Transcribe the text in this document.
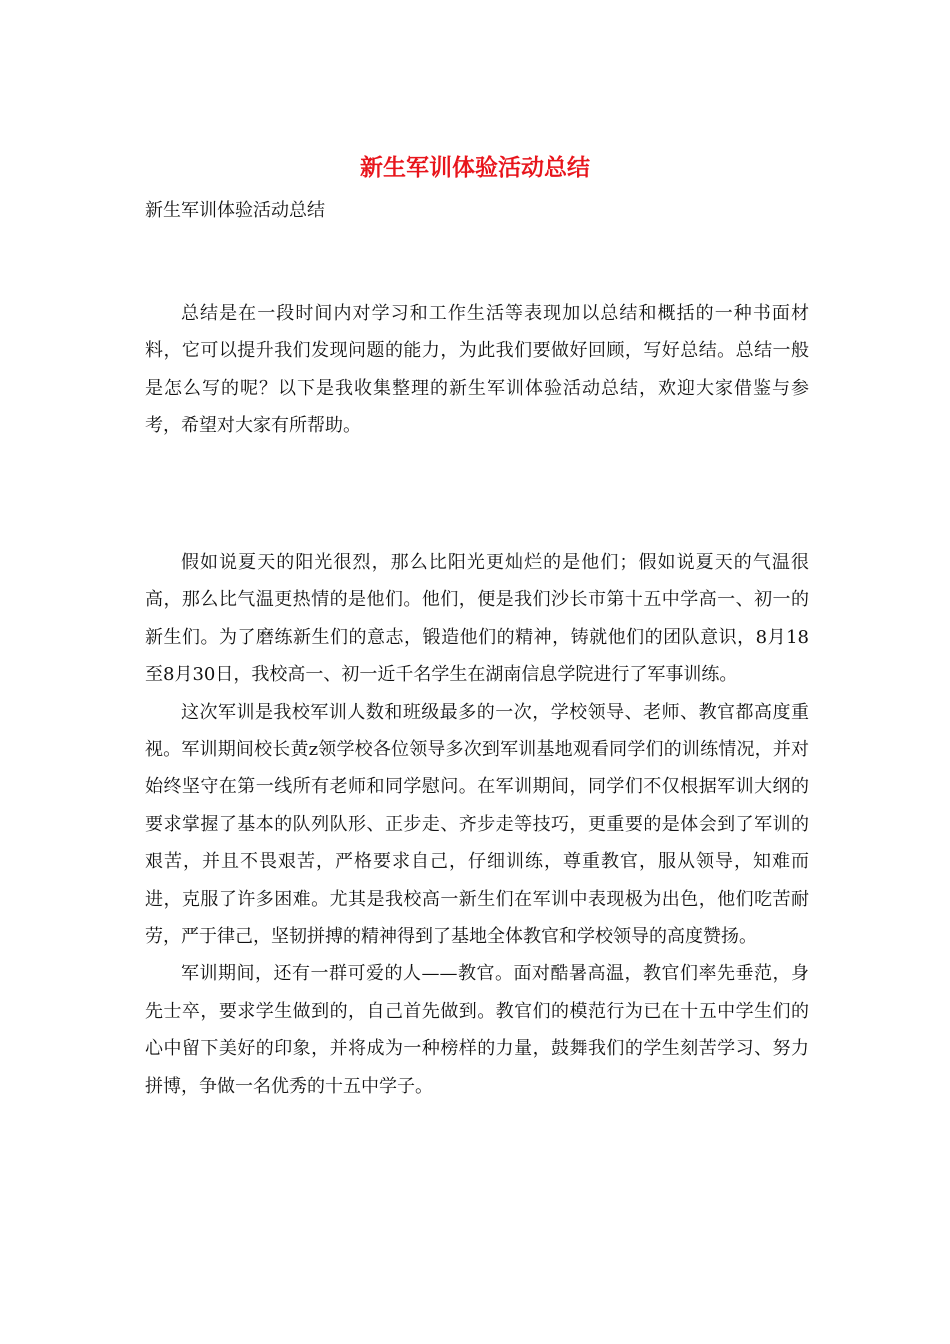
新生军训体验活动总结
新生军训体验活动总结

总结是在一段时间内对学习和工作生活等表现加以总结和概括的一种书面材料，它可以提升我们发现问题的能力，为此我们要做好回顾，写好总结。总结一般是怎么写的呢？以下是我收集整理的新生军训体验活动总结，欢迎大家借鉴与参考，希望对大家有所帮助。

假如说夏天的阳光很烈，那么比阳光更灿烂的是他们；假如说夏天的气温很高，那么比气温更热情的是他们。他们，便是我们沙长市第十五中学高一、初一的新生们。为了磨练新生们的意志，锻造他们的精神，铸就他们的团队意识，8月18至8月30日，我校高一、初一近千名学生在湖南信息学院进行了军事训练。

这次军训是我校军训人数和班级最多的一次，学校领导、老师、教官都高度重视。军训期间校长黄z领学校各位领导多次到军训基地观看同学们的训练情况，并对始终坚守在第一线所有老师和同学慰问。在军训期间，同学们不仅根据军训大纲的要求掌握了基本的队列队形、正步走、齐步走等技巧，更重要的是体会到了军训的艰苦，并且不畏艰苦，严格要求自己，仔细训练，尊重教官，服从领导，知难而进，克服了许多困难。尤其是我校高一新生们在军训中表现极为出色，他们吃苦耐劳，严于律己，坚韧拼搏的精神得到了基地全体教官和学校领导的高度赞扬。

军训期间，还有一群可爱的人——教官。面对酷暑高温，教官们率先垂范，身先士卒，要求学生做到的，自己首先做到。教官们的模范行为已在十五中学生们的心中留下美好的印象，并将成为一种榜样的力量，鼓舞我们的学生刻苦学习、努力拼博，争做一名优秀的十五中学子。
